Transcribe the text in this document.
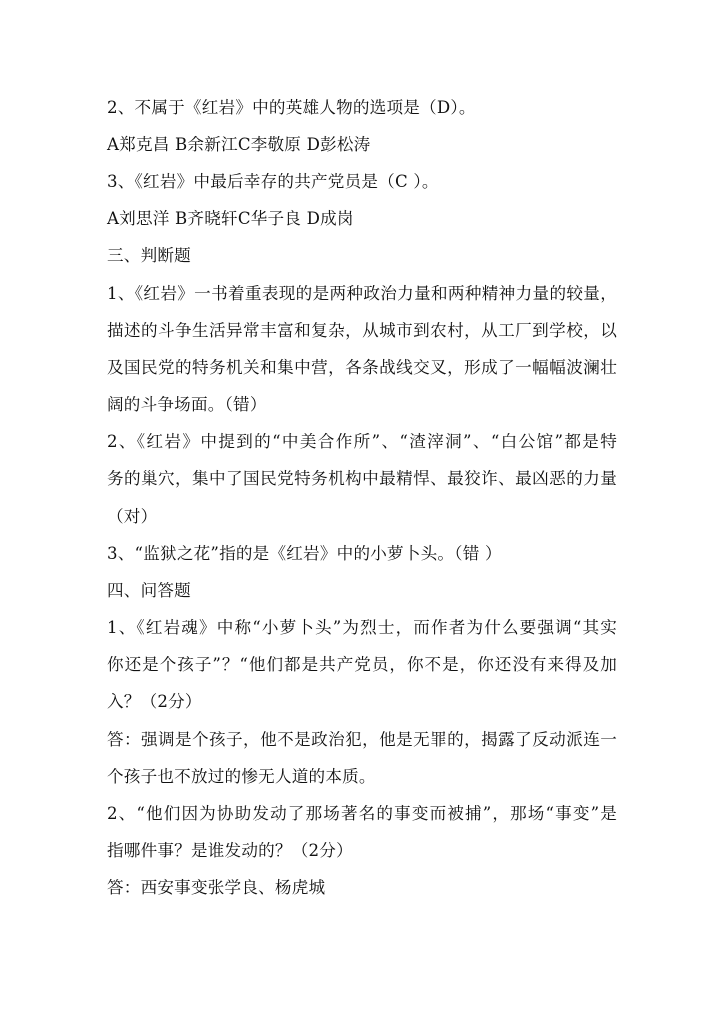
2、不属于《红岩》中的英雄人物的选项是（D）。
A郑克昌 B余新江C李敬原 D彭松涛
3、《红岩》中最后幸存的共产党员是（C ）。
A刘思洋 B齐晓轩C华子良 D成岗
三、判断题
1、《红岩》一书着重表现的是两种政治力量和两种精神力量的较量，
描述的斗争生活异常丰富和复杂，从城市到农村，从工厂到学校，以
及国民党的特务机关和集中营，各条战线交叉，形成了一幅幅波澜壮
阔的斗争场面。（错）
2、《红岩》中提到的“中美合作所”、“渣滓洞”、“白公馆”都是特
务的巢穴，集中了国民党特务机构中最精悍、最狡诈、最凶恶的力量
（对）
3、“监狱之花”指的是《红岩》中的小萝卜头。（错 ）
四、问答题
1、《红岩魂》中称“小萝卜头”为烈士，而作者为什么要强调“其实
你还是个孩子”？“他们都是共产党员，你不是，你还没有来得及加
入？（2分）
答：强调是个孩子，他不是政治犯，他是无罪的，揭露了反动派连一
个孩子也不放过的惨无人道的本质。
2、“他们因为协助发动了那场著名的事变而被捕”，那场“事变”是
指哪件事？是谁发动的？（2分）
答：西安事变张学良、杨虎城
